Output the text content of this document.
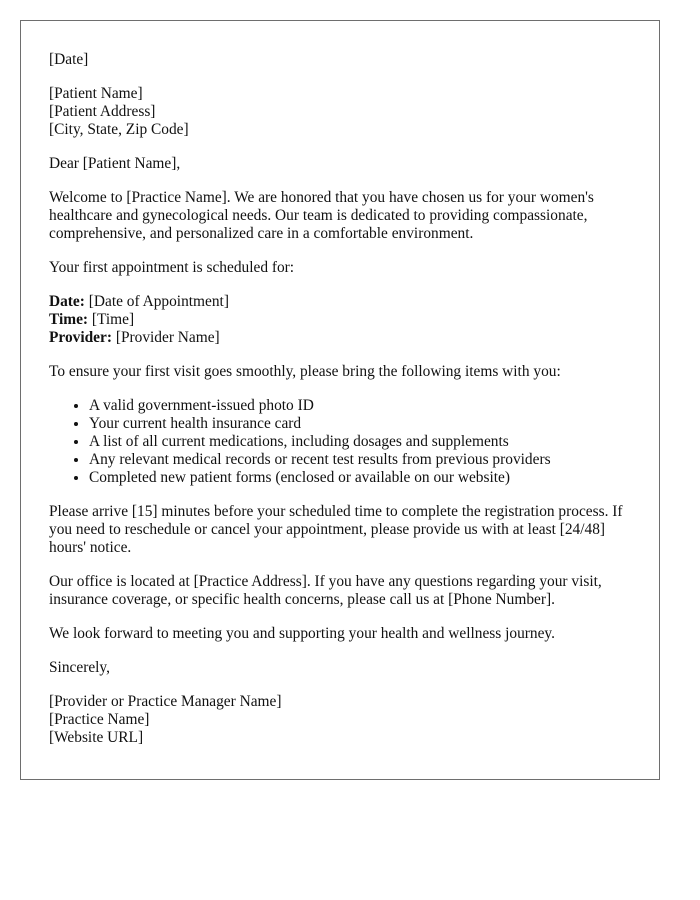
[Date]

[Patient Name]

[Patient Address]

[City, State, Zip Code]

Dear [Patient Name],

Welcome to [Practice Name]. We are honored that you have chosen us for your women's healthcare and gynecological needs. Our team is dedicated to providing compassionate, comprehensive, and personalized care in a comfortable environment.

Your first appointment is scheduled for:

Date: [Date of Appointment]

Time: [Time]

Provider: [Provider Name]

To ensure your first visit goes smoothly, please bring the following items with you:

• A valid government-issued photo ID
• Your current health insurance card
• A list of all current medications, including dosages and supplements
• Any relevant medical records or recent test results from previous providers
• Completed new patient forms (enclosed or available on our website)

Please arrive [15] minutes before your scheduled time to complete the registration process. If you need to reschedule or cancel your appointment, please provide us with at least [24/48] hours' notice.

Our office is located at [Practice Address]. If you have any questions regarding your visit, insurance coverage, or specific health concerns, please call us at [Phone Number].

We look forward to meeting you and supporting your health and wellness journey.

Sincerely,

[Provider or Practice Manager Name]

[Practice Name]

[Website URL]
